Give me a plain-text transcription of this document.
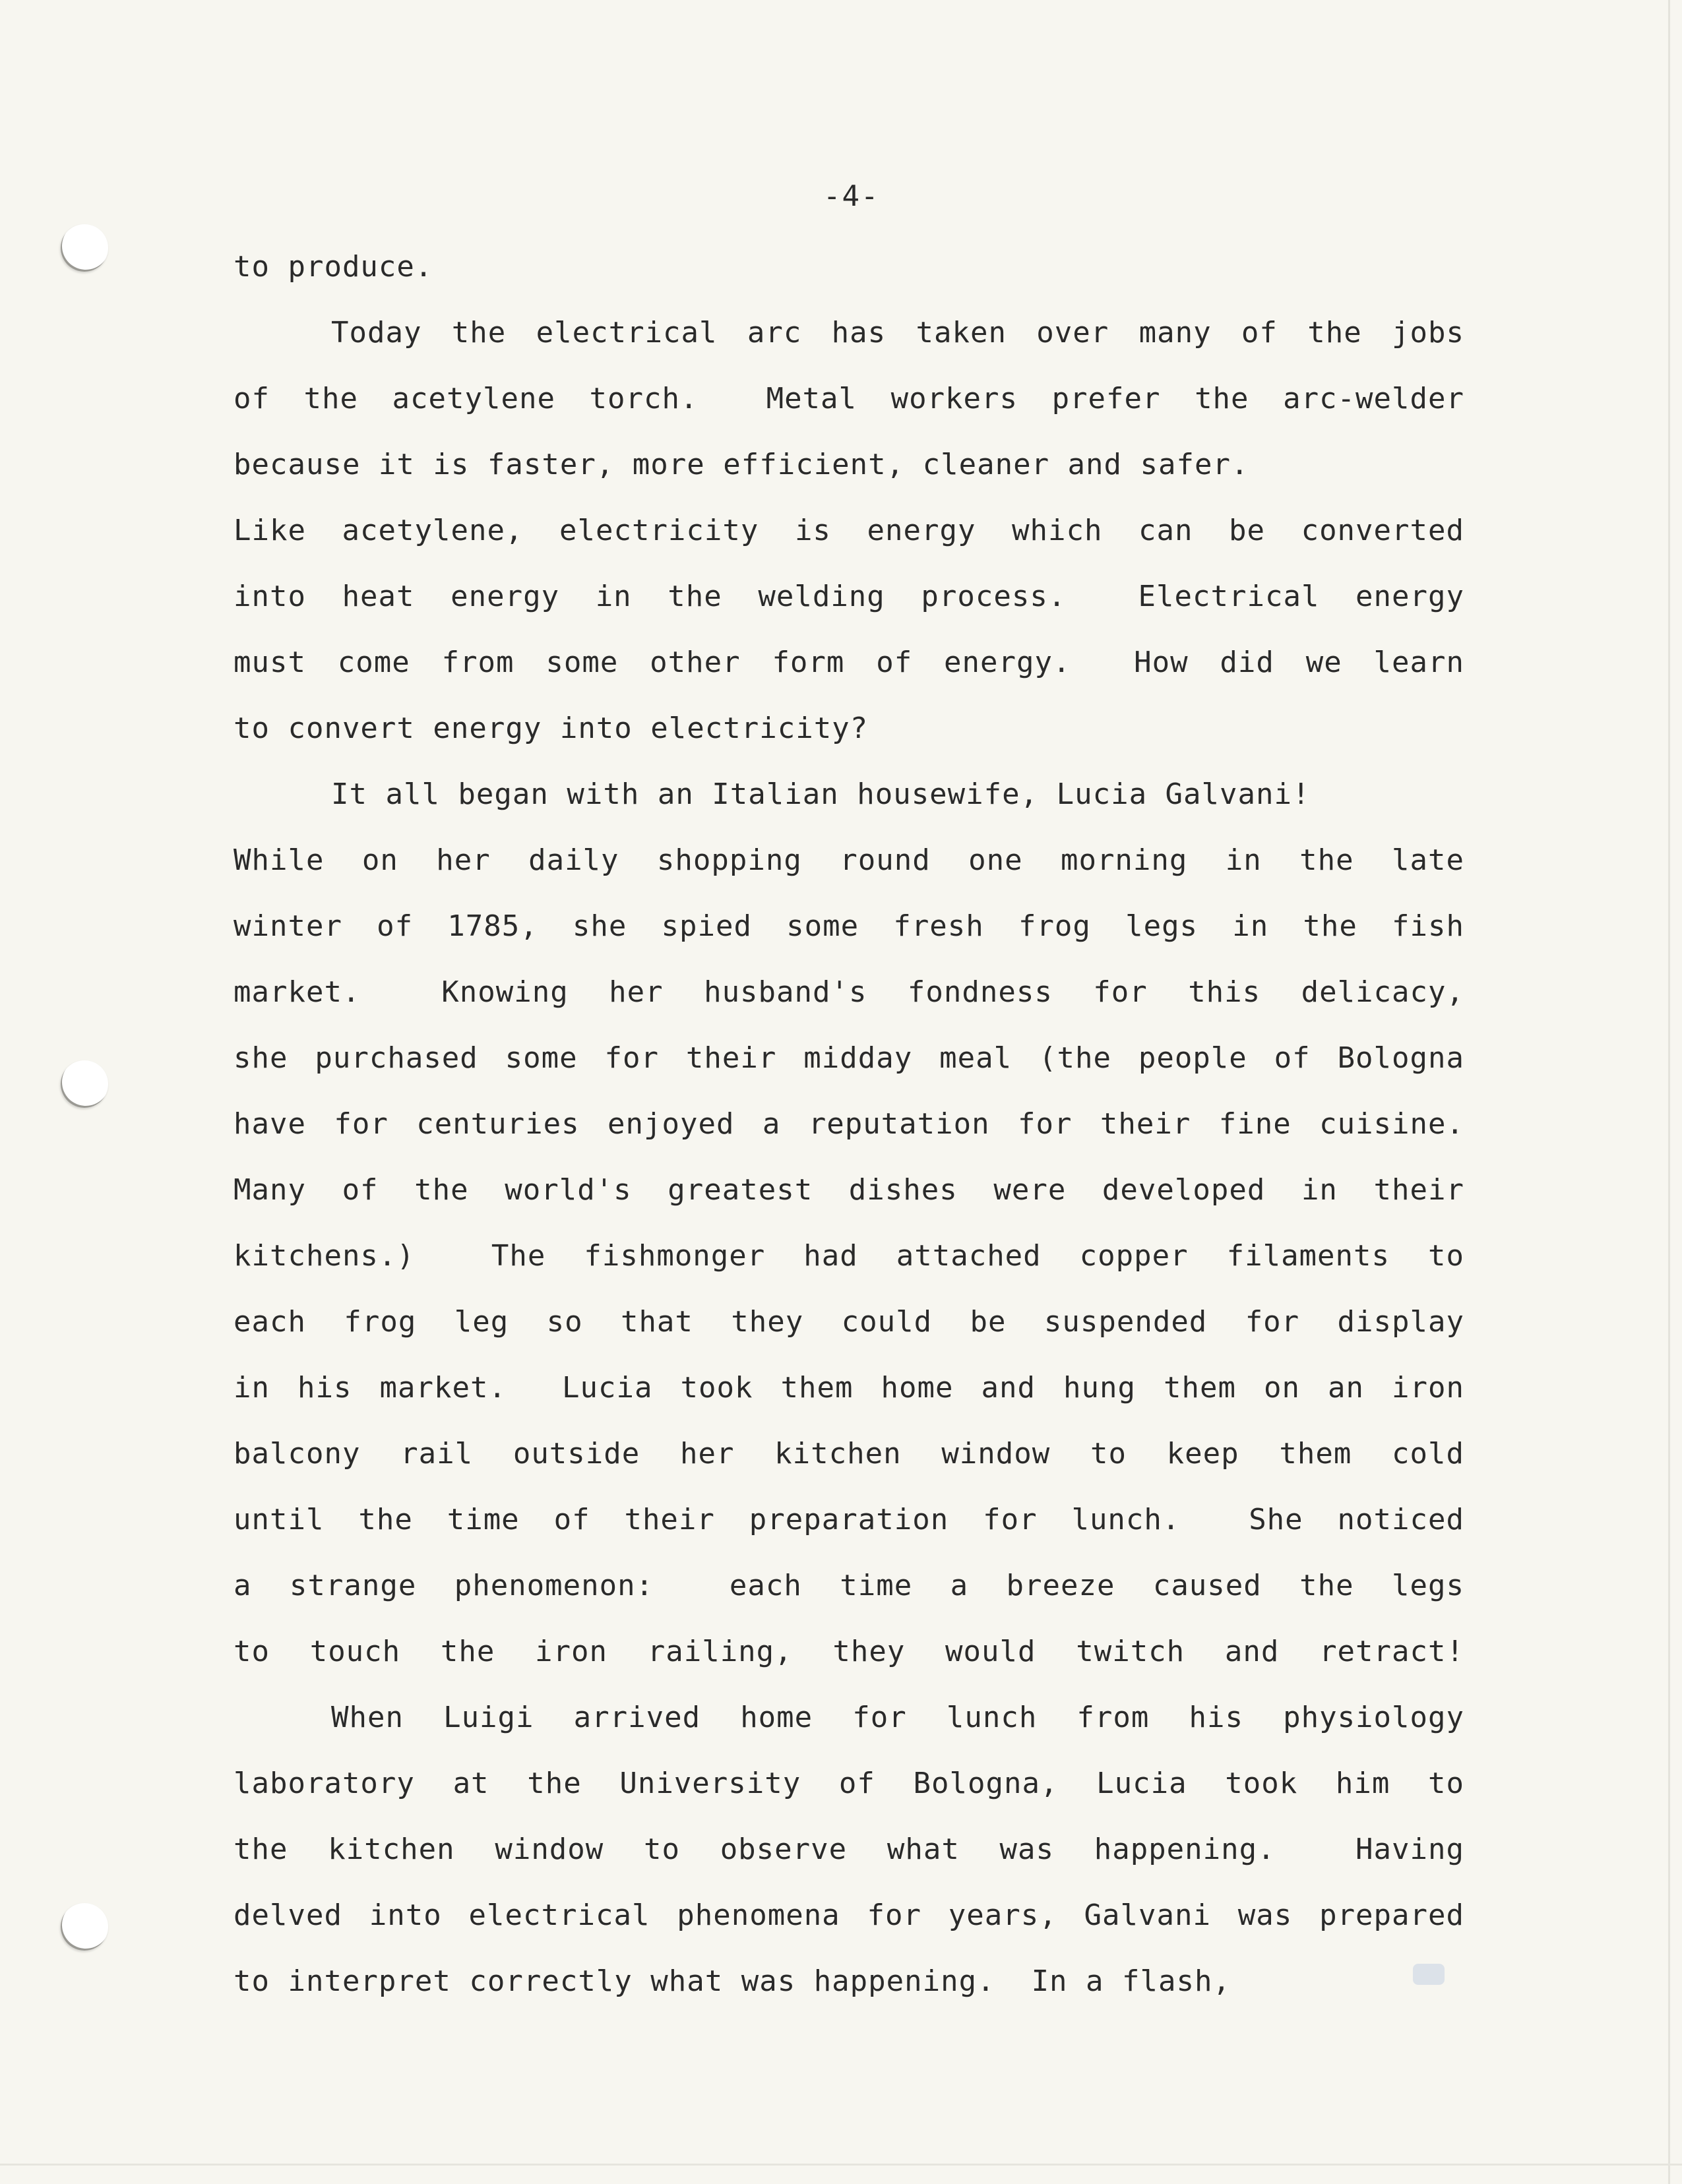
-4-
to produce.
Today the electrical arc has taken over many of the jobs
of the acetylene torch.  Metal workers prefer the arc-welder
because it is faster, more efficient, cleaner and safer.
Like acetylene, electricity is energy which can be converted
into heat energy in the welding process.  Electrical energy
must come from some other form of energy.  How did we learn
to convert energy into electricity?
It all began with an Italian housewife, Lucia Galvani!
While on her daily shopping round one morning in the late
winter of 1785, she spied some fresh frog legs in the fish
market.  Knowing her husband's fondness for this delicacy,
she purchased some for their midday meal (the people of Bologna
have for centuries enjoyed a reputation for their fine cuisine.
Many of the world's greatest dishes were developed in their
kitchens.)  The fishmonger had attached copper filaments to
each frog leg so that they could be suspended for display
in his market.  Lucia took them home and hung them on an iron
balcony rail outside her kitchen window to keep them cold
until the time of their preparation for lunch.  She noticed
a strange phenomenon:  each time a breeze caused the legs
to touch the iron railing, they would twitch and retract!
When Luigi arrived home for lunch from his physiology
laboratory at the University of Bologna, Lucia took him to
the kitchen window to observe what was happening.  Having
delved into electrical phenomena for years, Galvani was prepared
to interpret correctly what was happening.  In a flash,
